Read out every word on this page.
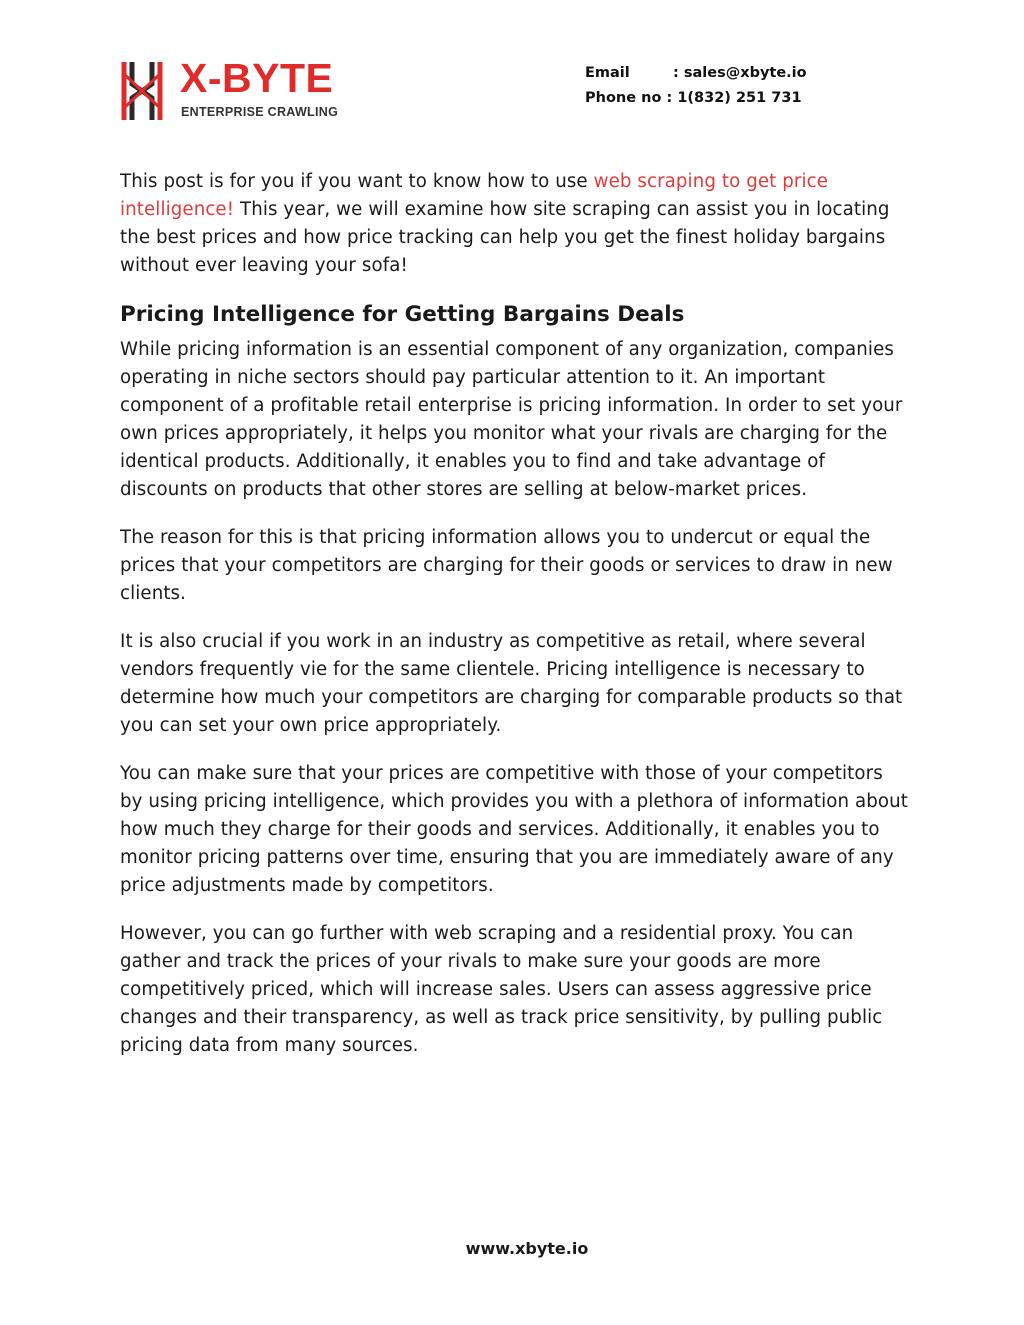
X-BYTE
ENTERPRISE CRAWLING
Email	: sales@xbyte.io
Phone no : 1(832) 251 731

This post is for you if you want to know how to use web scraping to get price intelligence! This year, we will examine how site scraping can assist you in locating the best prices and how price tracking can help you get the finest holiday bargains without ever leaving your sofa!

Pricing Intelligence for Getting Bargains Deals

While pricing information is an essential component of any organization, companies operating in niche sectors should pay particular attention to it. An important component of a profitable retail enterprise is pricing information. In order to set your own prices appropriately, it helps you monitor what your rivals are charging for the identical products. Additionally, it enables you to find and take advantage of discounts on products that other stores are selling at below-market prices.

The reason for this is that pricing information allows you to undercut or equal the prices that your competitors are charging for their goods or services to draw in new clients.

It is also crucial if you work in an industry as competitive as retail, where several vendors frequently vie for the same clientele. Pricing intelligence is necessary to determine how much your competitors are charging for comparable products so that you can set your own price appropriately.

You can make sure that your prices are competitive with those of your competitors by using pricing intelligence, which provides you with a plethora of information about how much they charge for their goods and services. Additionally, it enables you to monitor pricing patterns over time, ensuring that you are immediately aware of any price adjustments made by competitors.

However, you can go further with web scraping and a residential proxy. You can gather and track the prices of your rivals to make sure your goods are more competitively priced, which will increase sales. Users can assess aggressive price changes and their transparency, as well as track price sensitivity, by pulling public pricing data from many sources.

www.xbyte.io
